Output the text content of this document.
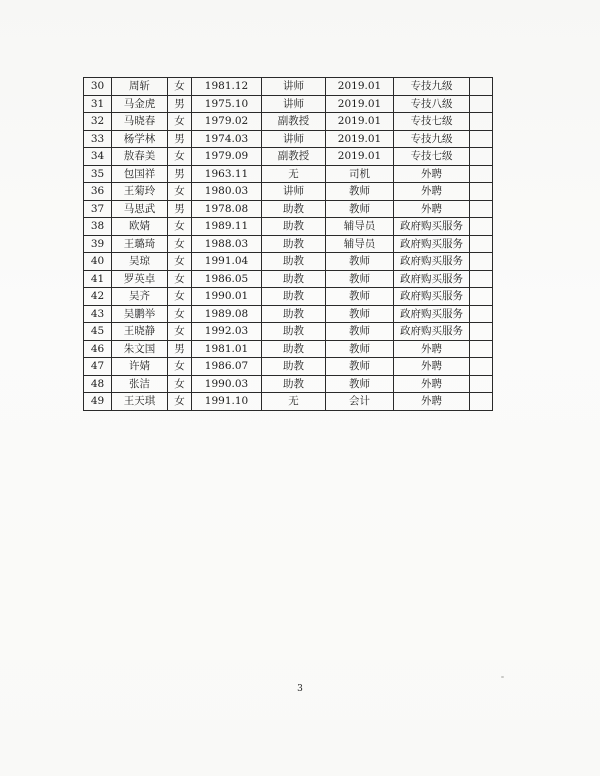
30	周斩	女	1981.12	讲师	2019.01	专技九级	
31	马金虎	男	1975.10	讲师	2019.01	专技八级	
32	马晓春	女	1979.02	副教授	2019.01	专技七级	
33	杨学林	男	1974.03	讲师	2019.01	专技九级	
34	敖春美	女	1979.09	副教授	2019.01	专技七级	
35	包国祥	男	1963.11	无	司机	外聘	
36	王菊玲	女	1980.03	讲师	教师	外聘	
37	马思武	男	1978.08	助教	教师	外聘	
38	欧婧	女	1989.11	助教	辅导员	政府购买服务	
39	王璐琦	女	1988.03	助教	辅导员	政府购买服务	
40	吴琼	女	1991.04	助教	教师	政府购买服务	
41	罗英卓	女	1986.05	助教	教师	政府购买服务	
42	吴齐	女	1990.01	助教	教师	政府购买服务	
43	吴鹏举	女	1989.08	助教	教师	政府购买服务	
45	王晓静	女	1992.03	助教	教师	政府购买服务	
46	朱文国	男	1981.01	助教	教师	外聘	
47	许婧	女	1986.07	助教	教师	外聘	
48	张洁	女	1990.03	助教	教师	外聘	
49	王天琪	女	1991.10	无	会计	外聘	
3
